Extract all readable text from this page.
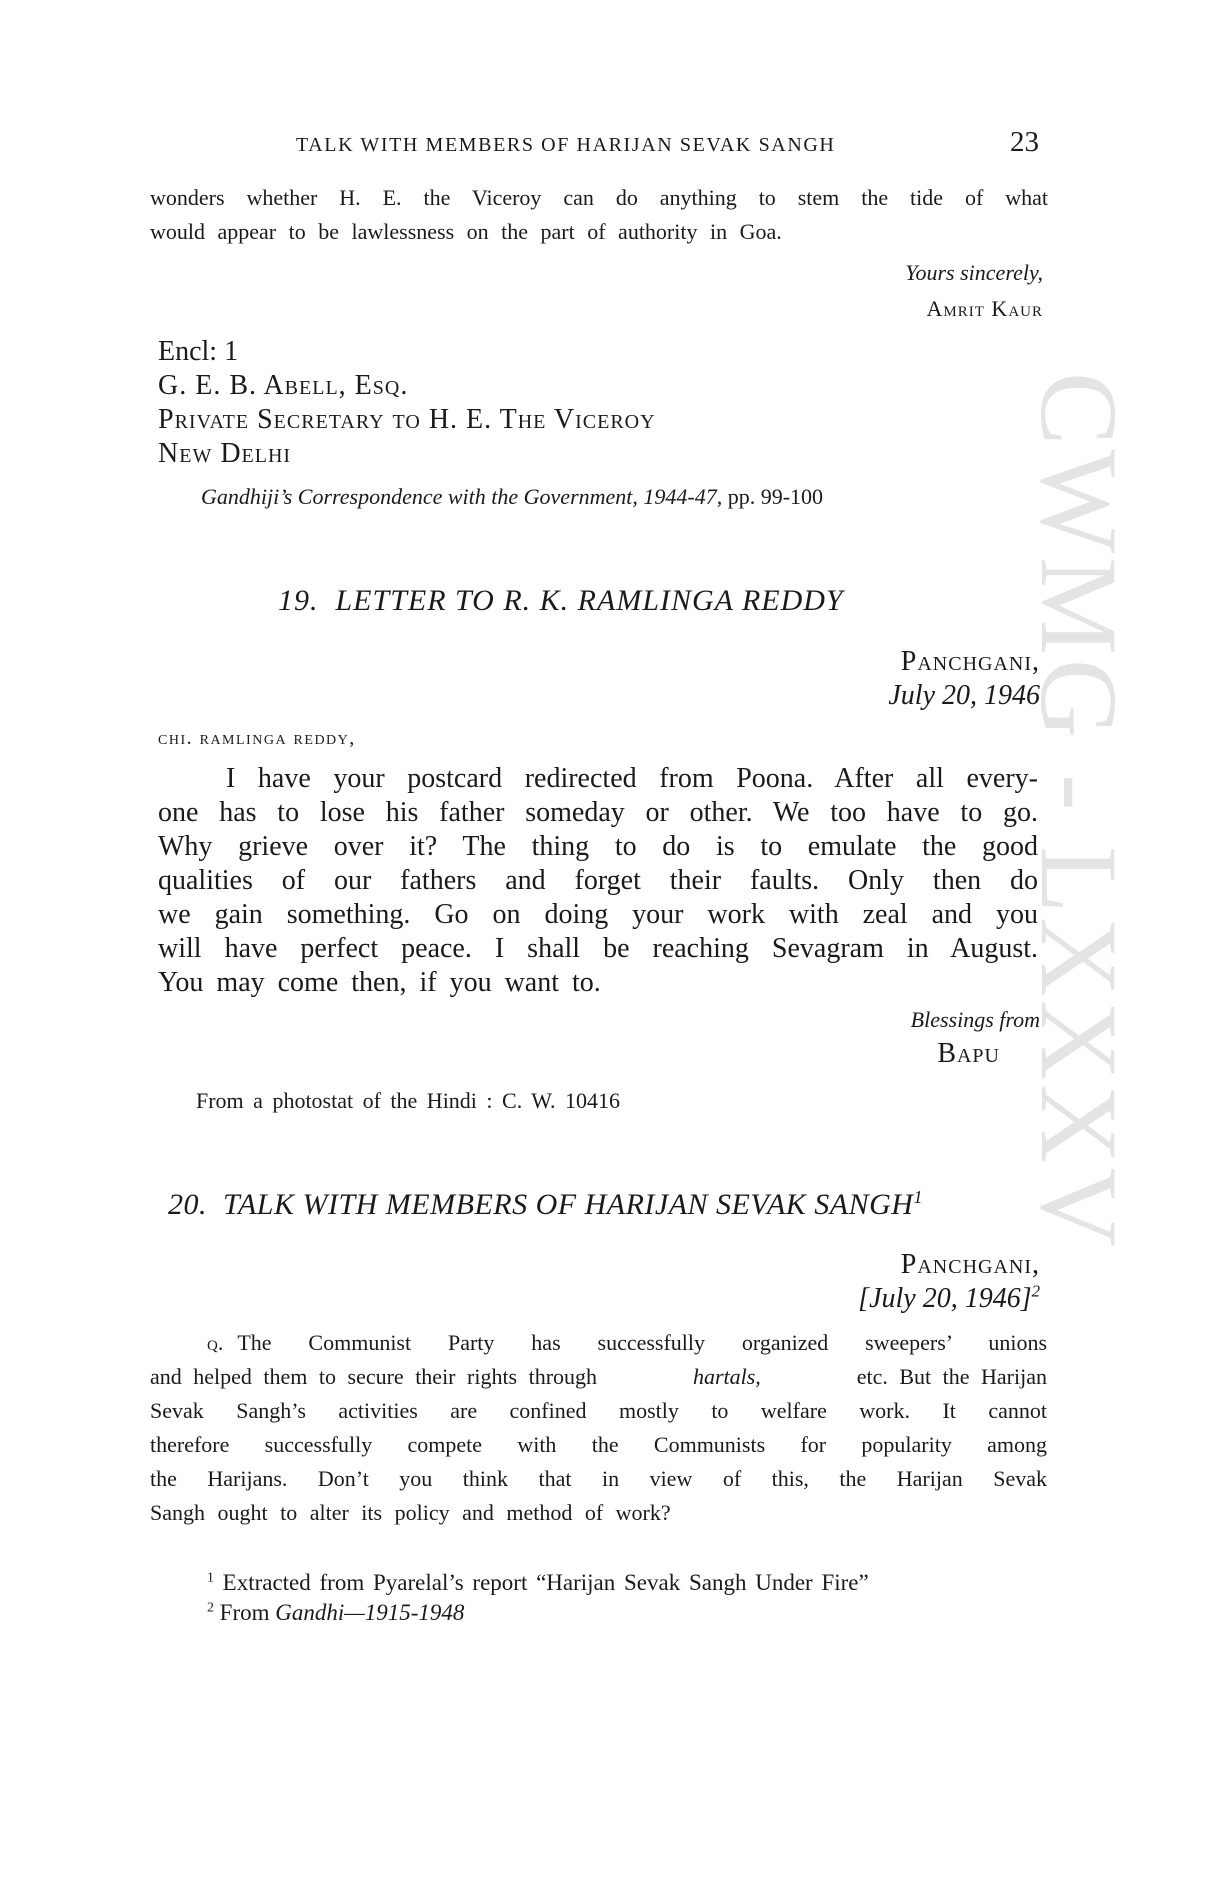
CWMG - LXXXV
TALK WITH MEMBERS OF HARIJAN SEVAK SANGH	23
wonders whether H. E. the Viceroy can do anything to stem the tide of what
would appear to be lawlessness on the part of authority in Goa.
Yours sincerely,
Amrit Kaur
Encl: 1
G. E. B. Abell, Esq.
Private Secretary to H. E. The Viceroy
New Delhi
Gandhiji’s Correspondence with the Government, 1944-47, pp. 99-100
19.  LETTER TO R. K. RAMLINGA REDDY
Panchgani,
July 20, 1946
chi. ramlinga reddy,
I have your postcard redirected from Poona. After all every-
one has to lose his father someday or other. We too have to go.
Why grieve over it? The thing to do is to emulate the good
qualities of our fathers and forget their faults. Only then do
we gain something. Go on doing your work with zeal and you
will have perfect peace. I shall be reaching Sevagram in August.
You may come then, if you want to.
Blessings from
Bapu
From a photostat of the Hindi : C. W. 10416
20.  TALK WITH MEMBERS OF HARIJAN SEVAK SANGH$^1$
Panchgani,
[July 20, 1946]$^2$
q. The Communist Party has successfully organized sweepers’ unions
and helped them to secure their rights through	hartals,	etc. But the Harijan
Sevak Sangh’s activities are confined mostly to welfare work. It cannot
therefore successfully compete with the Communists for popularity among
the Harijans. Don’t you think that in view of this, the Harijan Sevak
Sangh ought to alter its policy and method of work?
$^1$ Extracted from Pyarelal’s report “Harijan Sevak Sangh Under Fire”
$^2$ From Gandhi—1915-1948
